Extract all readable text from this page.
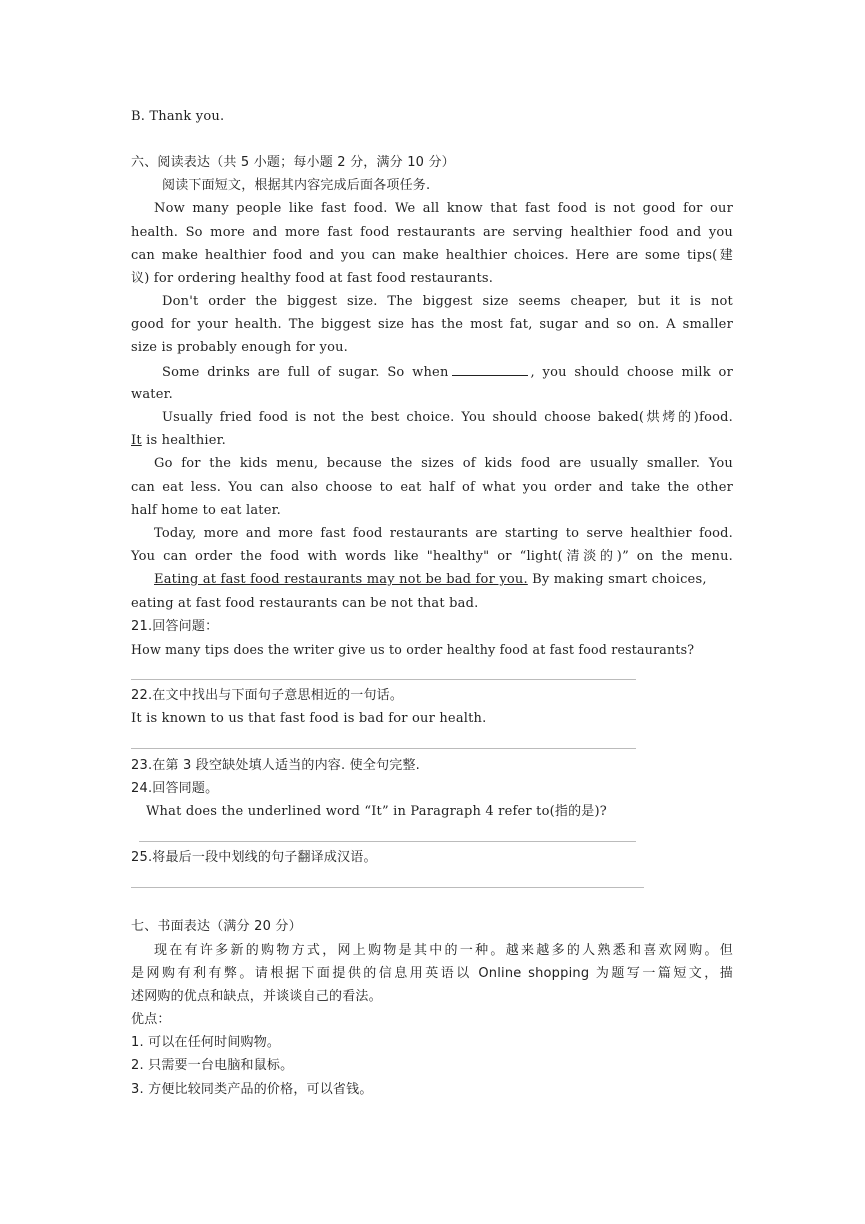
B. Thank you.
六、阅读表达（共 5 小题；每小题 2 分，满分 10 分）
阅读下面短文，根据其内容完成后面各项任务.
Now many people like fast food. We all know that fast food is not good for our
health. So more and more fast food restaurants are serving healthier food and you
can make healthier food and you can make healthier choices. Here are some tips(建
议) for ordering healthy food at fast food restaurants.
Don't order the biggest size. The biggest size seems cheaper, but it is not
good for your health. The biggest size has the most fat, sugar and so on. A smaller
size is probably enough for you.
Some drinks are full of sugar. So when	, you should choose milk or
water.
Usually fried food is not the best choice. You should choose baked(烘烤的)food.
It is healthier.
Go for the kids menu, because the sizes of kids food are usually smaller. You
can eat less. You can also choose to eat half of what you order and take the other
half home to eat later.
Today, more and more fast food restaurants are starting to serve healthier food.
You can order the food with words like "healthy" or “light(清淡的)” on the menu.
Eating at fast food restaurants may not be bad for you. By making smart choices,
eating at fast food restaurants can be not that bad.
21.回答问题：
How many tips does the writer give us to order healthy food at fast food restaurants?
22.在文中找出与下面句子意思相近的一句话。
It is known to us that fast food is bad for our health.
23.在第 3 段空缺处填人适当的内容. 使全句完整.
24.回答同题。
What does the underlined word “It” in Paragraph 4 refer to(指的是)?
25.将最后一段中划线的句子翻译成汉语。
七、书面表达（满分 20 分）
现在有许多新的购物方式，网上购物是其中的一种。越来越多的人熟悉和喜欢网购。但
是网购有利有弊。请根据下面提供的信息用英语以 Online shopping 为题写一篇短文，描
述网购的优点和缺点，并谈谈自己的看法。
优点：
1. 可以在任何时间购物。
2. 只需要一台电脑和鼠标。
3. 方便比较同类产品的价格，可以省钱。
